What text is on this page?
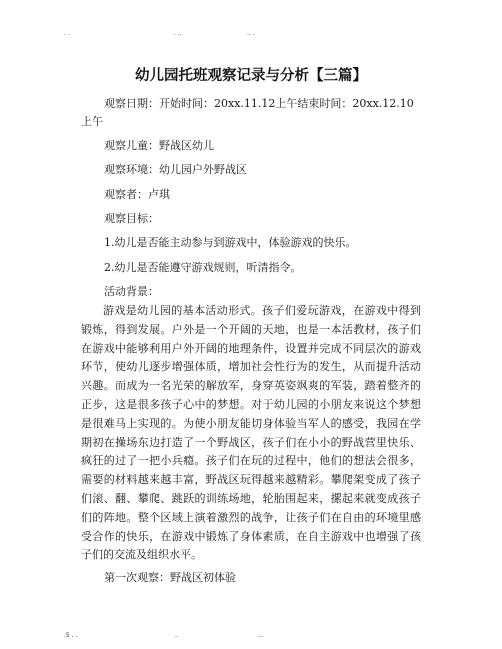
. .	. ..	.. .
幼儿园托班观察记录与分析【三篇】
观察日期：开始时间：20xx.11.12上午结束时间：20xx.12.10
上午
观察儿童：野战区幼儿
观察环境：幼儿园户外野战区
观察者：卢琪
观察目标：
1.幼儿是否能主动参与到游戏中，体验游戏的快乐。
2.幼儿是否能遵守游戏规则，听清指令。
活动背景：
游戏是幼儿园的基本活动形式。孩子们爱玩游戏，在游戏中得到锻炼，得到发展。户外是一个开阔的天地，也是一本活教材，孩子们在游戏中能够利用户外开阔的地理条件，设置并完成不同层次的游戏环节，使幼儿逐步增强体质，增加社会性行为的发生，从而提升活动兴趣。而成为一名光荣的解放军，身穿英姿飒爽的军装，踏着整齐的正步，这是很多孩子心中的梦想。对于幼儿园的小朋友来说这个梦想是很难马上实现的。为使小朋友能切身体验当军人的感受，我园在学期初在操场东边打造了一个野战区，孩子们在小小的野战营里快乐、疯狂的过了一把小兵瘾。孩子们在玩的过程中，他们的想法会很多，需要的材料越来越丰富，野战区玩得越来越精彩。攀爬架变成了孩子们滚、翻、攀爬、跳跃的训练场地，轮胎围起来，摞起来就变成孩子们的阵地。整个区域上演着激烈的战争，让孩子们在自由的环境里感受合作的快乐，在游戏中锻炼了身体素质，在自主游戏中也增强了孩子们的交流及组织水平。
第一次观察：野战区初体验
.5 . .	..	...
